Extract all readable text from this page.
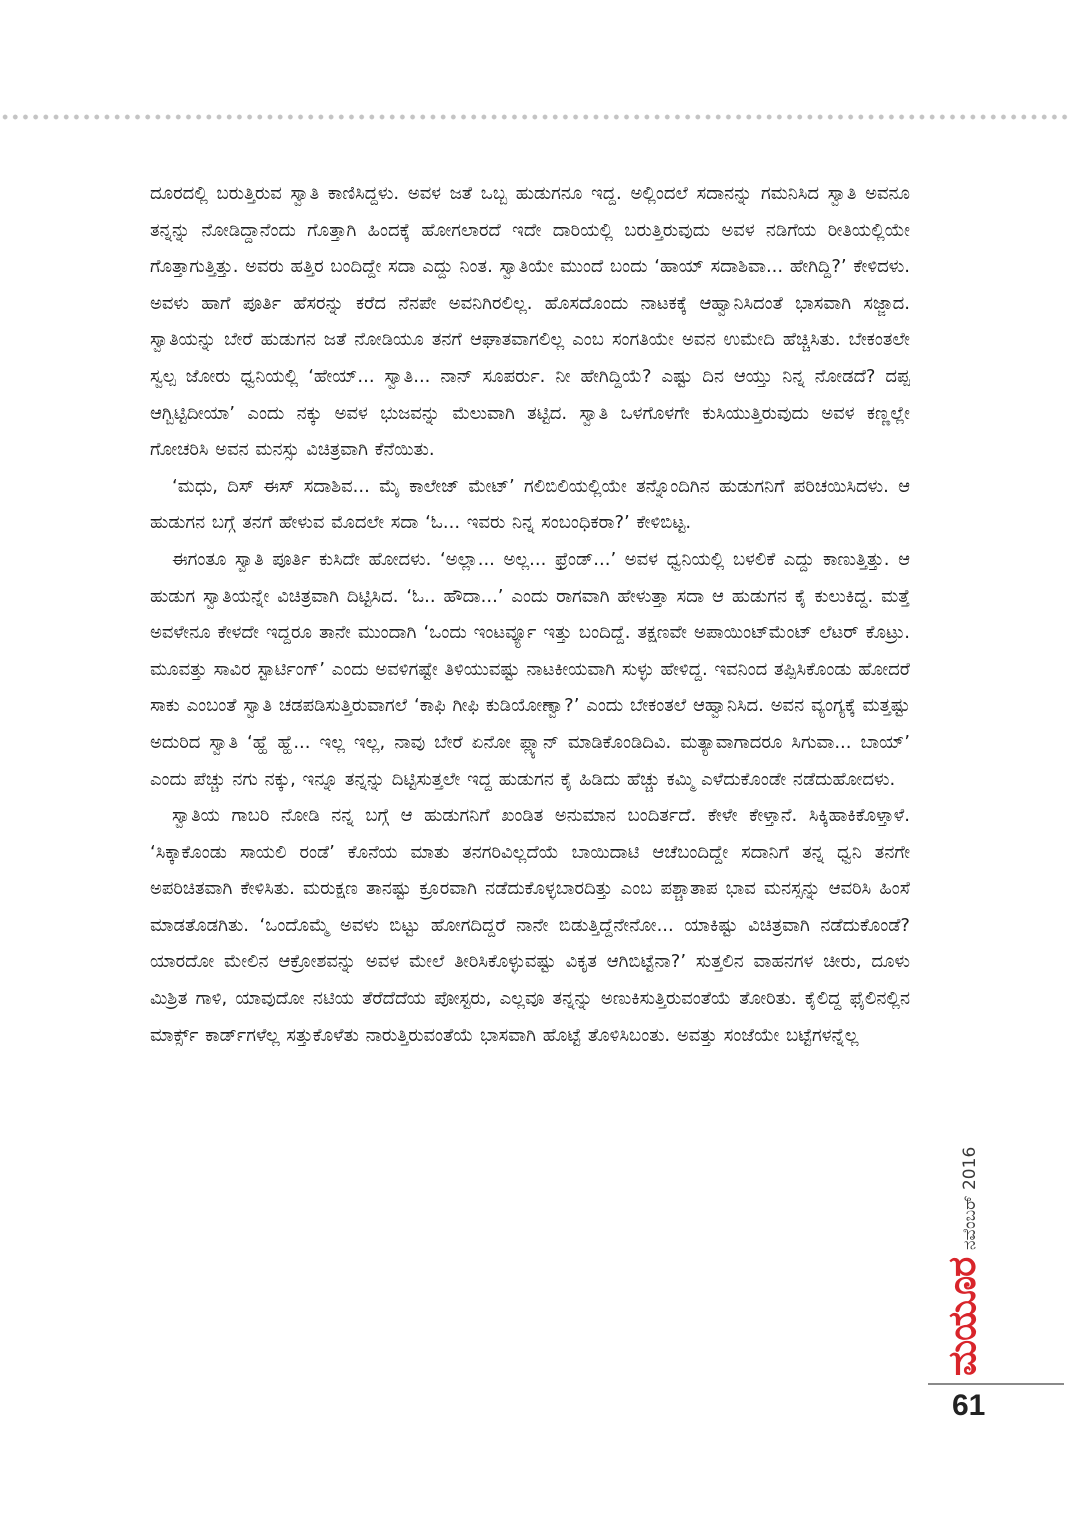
ದೂರದಲ್ಲಿ ಬರುತ್ತಿರುವ ಸ್ವಾತಿ ಕಾಣಿಸಿದ್ದಳು. ಅವಳ ಜತೆ ಒಬ್ಬ ಹುಡುಗನೂ ಇದ್ದ. ಅಲ್ಲಿಂದಲೆ ಸದಾನನ್ನು ಗಮನಿಸಿದ ಸ್ವಾತಿ ಅವನೂ ತನ್ನನ್ನು ನೋಡಿದ್ದಾನೆಂದು ಗೊತ್ತಾಗಿ ಹಿಂದಕ್ಕೆ ಹೋಗಲಾರದೆ ಇದೇ ದಾರಿಯಲ್ಲಿ ಬರುತ್ತಿರುವುದು ಅವಳ ನಡಿಗೆಯ ರೀತಿಯಲ್ಲಿಯೇ ಗೊತ್ತಾಗುತ್ತಿತ್ತು. ಅವರು ಹತ್ತಿರ ಬಂದಿದ್ದೇ ಸದಾ ಎದ್ದು ನಿಂತ. ಸ್ವಾತಿಯೇ ಮುಂದೆ ಬಂದು ‘ಹಾಯ್ ಸದಾಶಿವಾ... ಹೇಗಿದ್ದಿ?’ ಕೇಳಿದಳು. ಅವಳು ಹಾಗೆ ಪೂರ್ತಿ ಹೆಸರನ್ನು ಕರೆದ ನೆನಪೇ ಅವನಿಗಿರಲಿಲ್ಲ. ಹೊಸದೊಂದು ನಾಟಕಕ್ಕೆ ಆಹ್ವಾನಿಸಿದಂತೆ ಭಾಸವಾಗಿ ಸಜ್ಜಾದ. ಸ್ವಾತಿಯನ್ನು ಬೇರೆ ಹುಡುಗನ ಜತೆ ನೋಡಿಯೂ ತನಗೆ ಆಘಾತವಾಗಲಿಲ್ಲ ಎಂಬ ಸಂಗತಿಯೇ ಅವನ ಉಮೇದಿ ಹೆಚ್ಚಿಸಿತು. ಬೇಕಂತಲೇ ಸ್ವಲ್ಪ ಜೋರು ಧ್ವನಿಯಲ್ಲಿ ‘ಹೇಯ್... ಸ್ವಾತಿ... ನಾನ್ ಸೂಪರ್ರು. ನೀ ಹೇಗಿದ್ದಿಯೆ? ಎಷ್ಟು ದಿನ ಆಯ್ತು ನಿನ್ನ ನೋಡದೆ? ದಪ್ಪ ಆಗ್ಬಿಟ್ಟಿದೀಯಾ’ ಎಂದು ನಕ್ಕು ಅವಳ ಭುಜವನ್ನು ಮೆಲುವಾಗಿ ತಟ್ಟಿದ. ಸ್ವಾತಿ ಒಳಗೊಳಗೇ ಕುಸಿಯುತ್ತಿರುವುದು ಅವಳ ಕಣ್ಣಲ್ಲೇ ಗೋಚರಿಸಿ ಅವನ ಮನಸ್ಸು ವಿಚಿತ್ರವಾಗಿ ಕೆನೆಯಿತು.

‘ಮಧು, ದಿಸ್ ಈಸ್ ಸದಾಶಿವ... ಮೈ ಕಾಲೇಜ್ ಮೇಟ್’ ಗಲಿಬಿಲಿಯಲ್ಲಿಯೇ ತನ್ನೊಂದಿಗಿನ ಹುಡುಗನಿಗೆ ಪರಿಚಯಿಸಿದಳು. ಆ ಹುಡುಗನ ಬಗ್ಗೆ ತನಗೆ ಹೇಳುವ ಮೊದಲೇ ಸದಾ ‘ಓ... ಇವರು ನಿನ್ನ ಸಂಬಂಧಿಕರಾ?’ ಕೇಳಿಬಿಟ್ಟ.

ಈಗಂತೂ ಸ್ವಾತಿ ಪೂರ್ತಿ ಕುಸಿದೇ ಹೋದಳು. ‘ಅಲ್ಲಾ... ಅಲ್ಲ... ಫ್ರೆಂಡ್...’ ಅವಳ ಧ್ವನಿಯಲ್ಲಿ ಬಳಲಿಕೆ ಎದ್ದು ಕಾಣುತ್ತಿತ್ತು. ಆ ಹುಡುಗ ಸ್ವಾತಿಯನ್ನೇ ವಿಚಿತ್ರವಾಗಿ ದಿಟ್ಟಿಸಿದ. ‘ಓ.. ಹೌದಾ...’ ಎಂದು ರಾಗವಾಗಿ ಹೇಳುತ್ತಾ ಸದಾ ಆ ಹುಡುಗನ ಕೈ ಕುಲುಕಿದ್ದ. ಮತ್ತೆ ಅವಳೇನೂ ಕೇಳದೇ ಇದ್ದರೂ ತಾನೇ ಮುಂದಾಗಿ ‘ಒಂದು ಇಂಟರ್ವ್ಯೂ ಇತ್ತು ಬಂದಿದ್ದೆ. ತಕ್ಷಣವೇ ಅಪಾಯಿಂಟ್‌ಮೆಂಟ್ ಲೆಟರ್ ಕೊಟ್ರು. ಮೂವತ್ತು ಸಾವಿರ ಸ್ಟಾರ್ಟಿಂಗ್’ ಎಂದು ಅವಳಿಗಷ್ಟೇ ತಿಳಿಯುವಷ್ಟು ನಾಟಕೀಯವಾಗಿ ಸುಳ್ಳು ಹೇಳಿದ್ದ. ಇವನಿಂದ ತಪ್ಪಿಸಿಕೊಂಡು ಹೋದರೆ ಸಾಕು ಎಂಬಂತೆ ಸ್ವಾತಿ ಚಡಪಡಿಸುತ್ತಿರುವಾಗಲೆ ‘ಕಾಫಿ ಗೀಫಿ ಕುಡಿಯೋಣ್ವಾ?’ ಎಂದು ಬೇಕಂತಲೆ ಆಹ್ವಾನಿಸಿದ. ಅವನ ವ್ಯಂಗ್ಯಕ್ಕೆ ಮತ್ತಷ್ಟು ಅದುರಿದ ಸ್ವಾತಿ ‘ಹ್ಹೆ ಹ್ಹೆ... ಇಲ್ಲ ಇಲ್ಲ, ನಾವು ಬೇರೆ ಏನೋ ಪ್ಲ್ಯಾನ್ ಮಾಡಿಕೊಂಡಿದಿವಿ. ಮತ್ಯಾವಾಗಾದರೂ ಸಿಗುವಾ... ಬಾಯ್’ ಎಂದು ಪೆಚ್ಚು ನಗು ನಕ್ಕು, ಇನ್ನೂ ತನ್ನನ್ನು ದಿಟ್ಟಿಸುತ್ತಲೇ ಇದ್ದ ಹುಡುಗನ ಕೈ ಹಿಡಿದು ಹೆಚ್ಚು ಕಮ್ಮಿ ಎಳೆದುಕೊಂಡೇ ನಡೆದುಹೋದಳು.

ಸ್ವಾತಿಯ ಗಾಬರಿ ನೋಡಿ ನನ್ನ ಬಗ್ಗೆ ಆ ಹುಡುಗನಿಗೆ ಖಂಡಿತ ಅನುಮಾನ ಬಂದಿರ್ತದೆ. ಕೇಳೇ ಕೇಳ್ತಾನೆ. ಸಿಕ್ಕಿಹಾಕಿಕೊಳ್ತಾಳೆ. ‘ಸಿಕ್ಕಾಕೊಂಡು ಸಾಯಲಿ ರಂಡೆ’ ಕೊನೆಯ ಮಾತು ತನಗರಿವಿಲ್ಲದೆಯೆ ಬಾಯಿದಾಟಿ ಆಚೆಬಂದಿದ್ದೇ ಸದಾನಿಗೆ ತನ್ನ ಧ್ವನಿ ತನಗೇ ಅಪರಿಚಿತವಾಗಿ ಕೇಳಿಸಿತು. ಮರುಕ್ಷಣ ತಾನಷ್ಟು ಕ್ರೂರವಾಗಿ ನಡೆದುಕೊಳ್ಳಬಾರದಿತ್ತು ಎಂಬ ಪಶ್ಚಾತಾಪ ಭಾವ ಮನಸ್ಸನ್ನು ಆವರಿಸಿ ಹಿಂಸೆ ಮಾಡತೊಡಗಿತು. ‘ಒಂದೊಮ್ಮೆ ಅವಳು ಬಿಟ್ಟು ಹೋಗದಿದ್ದರೆ ನಾನೇ ಬಿಡುತ್ತಿದ್ದೆನೇನೋ... ಯಾಕಿಷ್ಟು ವಿಚಿತ್ರವಾಗಿ ನಡೆದುಕೊಂಡೆ? ಯಾರದೋ ಮೇಲಿನ ಆಕ್ರೋಶವನ್ನು ಅವಳ ಮೇಲೆ ತೀರಿಸಿಕೊಳ್ಳುವಷ್ಟು ವಿಕೃತ ಆಗಿಬಿಟ್ಟೆನಾ?’ ಸುತ್ತಲಿನ ವಾಹನಗಳ ಚೀರು, ದೂಳು ಮಿಶ್ರಿತ ಗಾಳಿ, ಯಾವುದೋ ನಟಿಯ ತೆರೆದೆದೆಯ ಪೋಸ್ಟರು, ಎಲ್ಲವೂ ತನ್ನನ್ನು ಅಣುಕಿಸುತ್ತಿರುವಂತೆಯೆ ತೋರಿತು. ಕೈಲಿದ್ದ ಫೈಲಿನಲ್ಲಿನ ಮಾರ್ಕ್ಸ್ ಕಾರ್ಡ್‌ಗಳೆಲ್ಲ ಸತ್ತುಕೊಳೆತು ನಾರುತ್ತಿರುವಂತೆಯೆ ಭಾಸವಾಗಿ ಹೊಟ್ಟೆ ತೊಳಿಸಿಬಂತು. ಅವತ್ತು ಸಂಜೆಯೇ ಬಟ್ಟೆಗಳನ್ನೆಲ್ಲ

ನವೆಂಬರ್ 2016
ಮಯೂರ
61
